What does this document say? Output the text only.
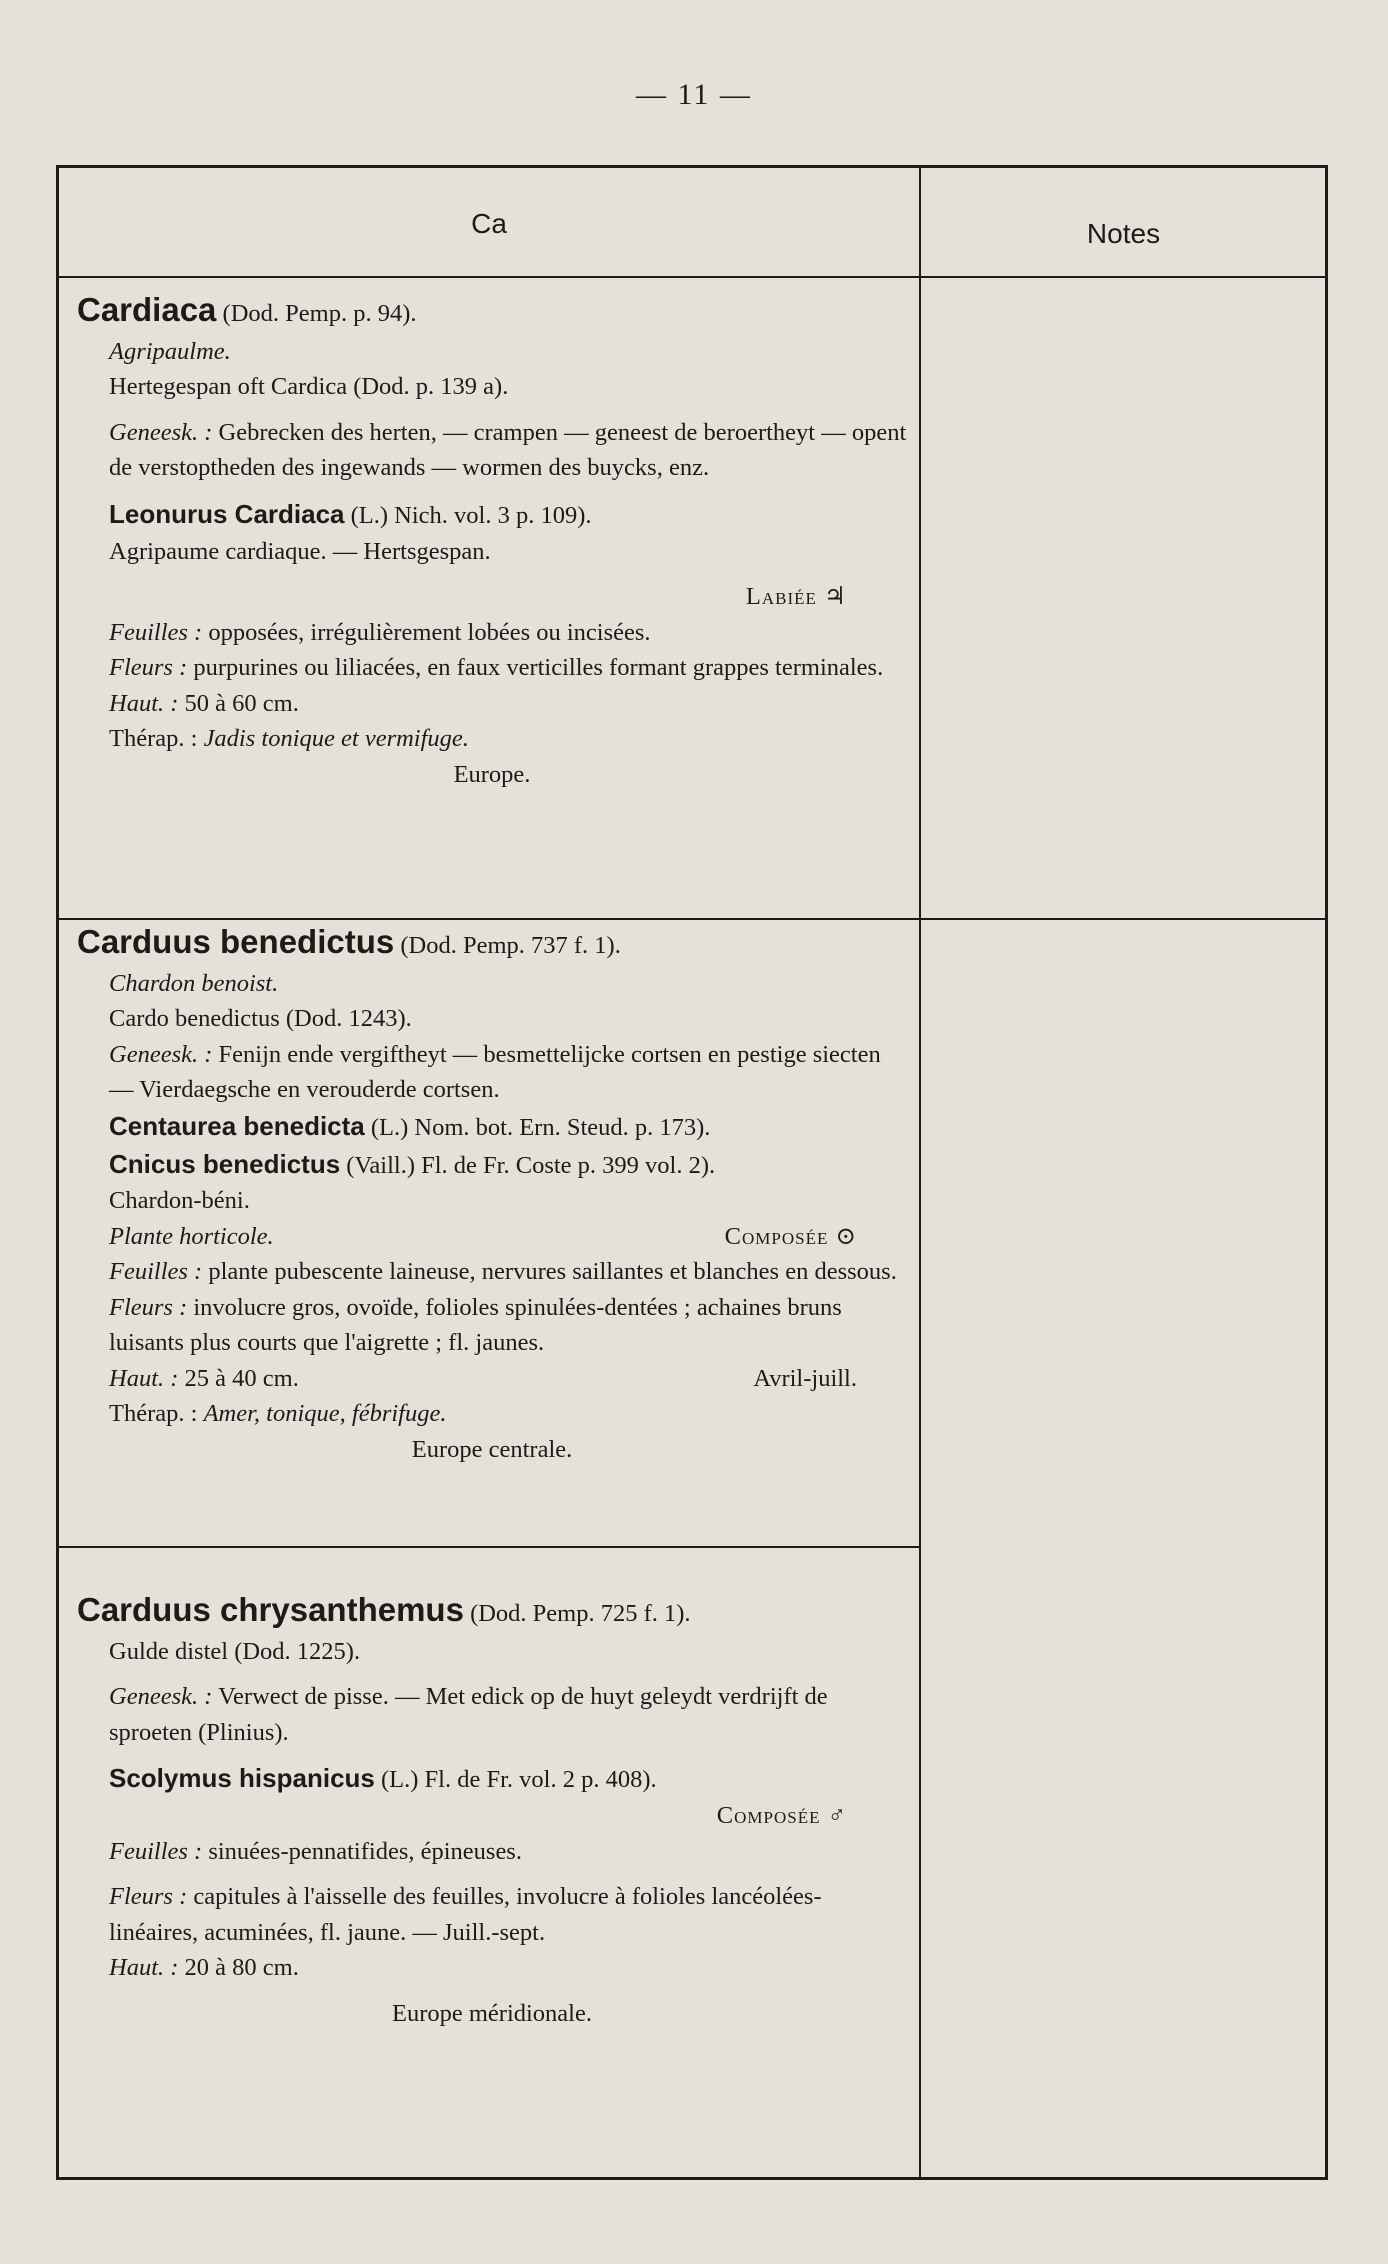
— 11 —
Ca	Notes

Cardiaca (Dod. Pemp. p. 94).

Agripaulme.

Hertegespan oft Cardica (Dod. p. 139 a).

Geneesk. : Gebrecken des herten, — crampen — geneest de beroertheyt — opent de verstoptheden des ingewands — wormen des buycks, enz.

Leonurus Cardiaca (L.) Nich. vol. 3 p. 109).

Agripaume cardiaque. — Hertsgespan.

Labiée ♃

Feuilles : opposées, irrégulièrement lobées ou incisées.

Fleurs : purpurines ou liliacées, en faux verticilles formant grappes terminales.

Haut. : 50 à 60 cm.

Thérap. : Jadis tonique et vermifuge.

Europe.

Carduus benedictus (Dod. Pemp. 737 f. 1).

Chardon benoist.

Cardo benedictus (Dod. 1243).

Geneesk. : Fenijn ende vergiftheyt — besmettelijcke cortsen en pestige siecten — Vierdaegsche en verouderde cortsen.

Centaurea benedicta (L.) Nom. bot. Ern. Steud. p. 173).

Cnicus benedictus (Vaill.) Fl. de Fr. Coste p. 399 vol. 2).

Chardon-béni.

Plante horticole.	Composée ⊙

Feuilles : plante pubescente laineuse, nervures saillantes et blanches en dessous.

Fleurs : involucre gros, ovoïde, folioles spinulées-dentées ; achaines bruns luisants plus courts que l'aigrette ; fl. jaunes.

Haut. : 25 à 40 cm.	Avril-juill.

Thérap. : Amer, tonique, fébrifuge.

Europe centrale.

Carduus chrysanthemus (Dod. Pemp. 725 f. 1).

Gulde distel (Dod. 1225).

Geneesk. : Verwect de pisse. — Met edick op de huyt geleydt verdrijft de sproeten (Plinius).

Scolymus hispanicus (L.) Fl. de Fr. vol. 2 p. 408).

Composée ♂

Feuilles : sinuées-pennatifides, épineuses.

Fleurs : capitules à l'aisselle des feuilles, involucre à folioles lancéolées-linéaires, acuminées, fl. jaune. — Juill.-sept.

Haut. : 20 à 80 cm.

Europe méridionale.
